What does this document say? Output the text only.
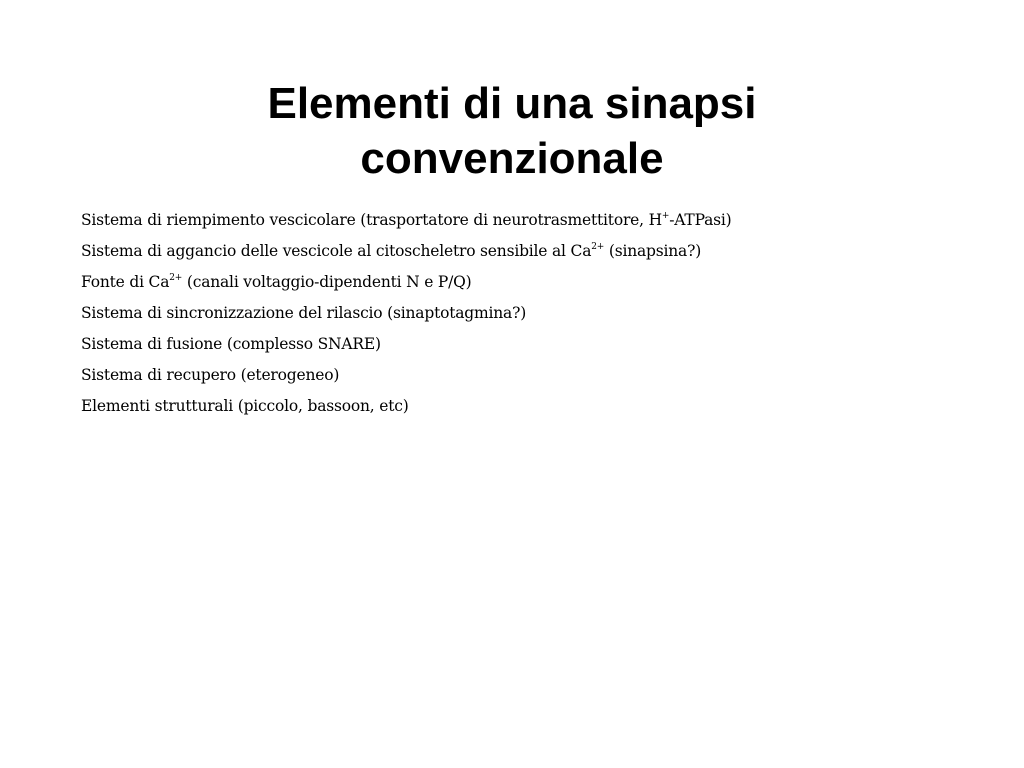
Elementi di una sinapsi
convenzionale
Sistema di riempimento vescicolare (trasportatore di neurotrasmettitore, H+-ATPasi)
Sistema di aggancio delle vescicole al citoscheletro sensibile al $Ca^{2+}$ (sinapsina?)
Fonte di $Ca^{2+}$ (canali voltaggio-dipendenti N e P/Q)
Sistema di sincronizzazione del rilascio (sinaptotagmina?)
Sistema di fusione (complesso SNARE)
Sistema di recupero (eterogeneo)
Elementi strutturali (piccolo, bassoon, etc)
